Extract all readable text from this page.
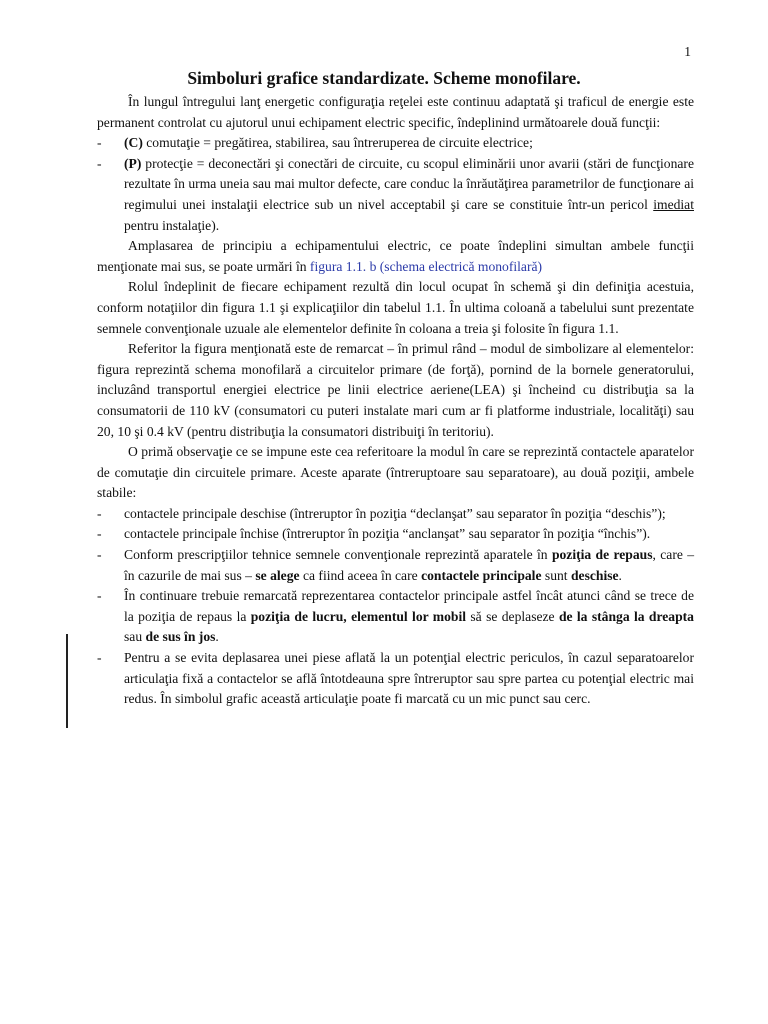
1
Simboluri grafice standardizate. Scheme monofilare.

În lungul întregului lanţ energetic configuraţia reţelei este continuu adaptată şi traficul de energie este permanent controlat cu ajutorul unui echipament electric specific, îndeplinind următoarele două funcţii:

- (C) comutaţie = pregătirea, stabilirea, sau întreruperea de circuite electrice;
- (P) protecţie = deconectări şi conectări de circuite, cu scopul eliminării unor avarii (stări de funcţionare rezultate în urma uneia sau mai multor defecte, care conduc la înrăutăţirea parametrilor de funcţionare ai regimului unei instalaţii electrice sub un nivel acceptabil şi care se constituie într-un pericol imediat pentru instalaţie).

Amplasarea de principiu a echipamentului electric, ce poate îndeplini simultan ambele funcţii menţionate mai sus, se poate urmări în figura 1.1. b (schema electrică monofilară)

Rolul îndeplinit de fiecare echipament rezultă din locul ocupat în schemă şi din definiţia acestuia, conform notaţiilor din figura 1.1 şi explicaţiilor din tabelul 1.1. În ultima coloană a tabelului sunt prezentate semnele convenţionale uzuale ale elementelor definite în coloana a treia şi folosite în figura 1.1.

Referitor la figura menţionată este de remarcat – în primul rând – modul de simbolizare al elementelor: figura reprezintă schema monofilară a circuitelor primare (de forţă), pornind de la bornele generatorului, incluzând transportul energiei electrice pe linii electrice aeriene(LEA) şi încheind cu distribuţia sa la consumatorii de 110 kV (consumatori cu puteri instalate mari cum ar fi platforme industriale, localităţi) sau 20, 10 şi 0.4 kV (pentru distribuţia la consumatori distribuiţi în teritoriu).

O primă observaţie ce se impune este cea referitoare la modul în care se reprezintă contactele aparatelor de comutaţie din circuitele primare. Aceste aparate (întreruptoare sau separatoare), au două poziţii, ambele stabile:

- contactele principale deschise (întreruptor în poziţia “declanşat” sau separator în poziţia “deschis”);
- contactele principale închise (întreruptor în poziţia “anclanşat” sau separator în poziţia “închis”).
- Conform prescripţiilor tehnice semnele convenţionale reprezintă aparatele în poziţia de repaus, care – în cazurile de mai sus – se alege ca fiind aceea în care contactele principale sunt deschise.
- În continuare trebuie remarcată reprezentarea contactelor principale astfel încât atunci când se trece de la poziţia de repaus la poziţia de lucru, elementul lor mobil să se deplaseze de la stânga la dreapta sau de sus în jos.
- Pentru a se evita deplasarea unei piese aflată la un potenţial electric periculos, în cazul separatoarelor articulaţia fixă a contactelor se află întotdeauna spre întreruptor sau spre partea cu potenţial electric mai redus. În simbolul grafic această articulaţie poate fi marcată cu un mic punct sau cerc.
